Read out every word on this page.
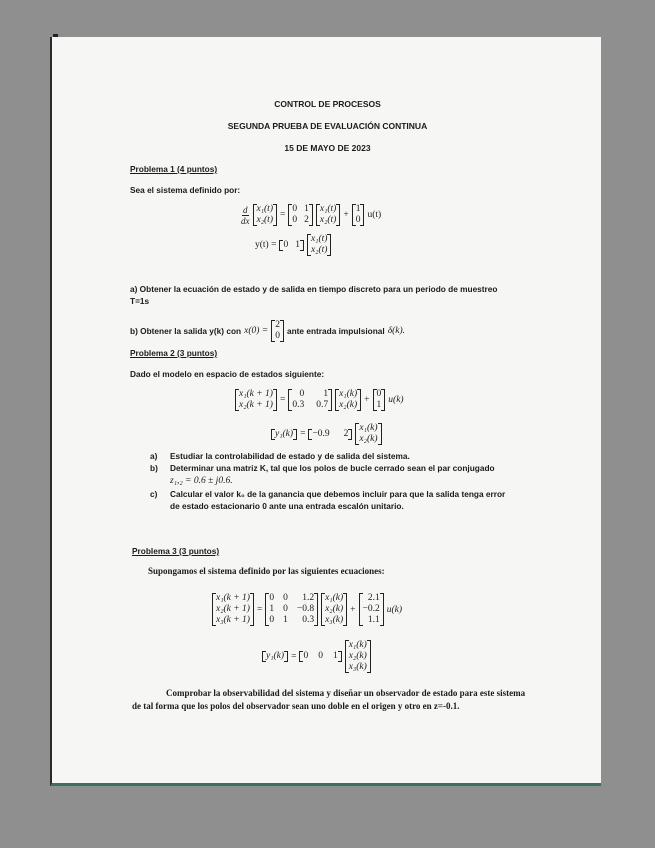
CONTROL DE PROCESOS
SEGUNDA PRUEBA DE EVALUACIÓN CONTINUA
15 DE MAYO DE 2023
Problema 1 (4 puntos)
Sea el sistema definido por:
$\frac{d}{dx} x_1(t)$
x₂(t) =
0 1
0 2
x₁(t)
x₂(t) +
1
0 u(t)
y(t) = 0 1
x₁(t)
x₂(t)
a) Obtener la ecuación de estado y de salida en tiempo discreto para un periodo de muestreo T=1s
b) Obtener la salida y(k) con x(0) =
2
0 ante entrada impulsional δ(k).
Problema 2 (3 puntos)
Dado el modelo en espacio de estados siguiente:
x₁(k + 1)
x₂(k + 1) =
0	1
0.3 0.7
x₁(k)
x₂(k) +
0
1 u(k)
y₁(k) = −0.9 2
x₁(k)
x₂(k)
a) Estudiar la controlabilidad de estado y de salida del sistema.
b) Determinar una matriz K, tal que los polos de bucle cerrado sean el par conjugado
z₁,₂ = 0.6 ± j0.6.
c) Calcular el valor k₀ de la ganancia que debemos incluir para que la salida tenga error
de estado estacionario 0 ante una entrada escalón unitario.
Problema 3 (3 puntos)
Supongamos el sistema definido por las siguientes ecuaciones:
x₁(k + 1)
x₂(k + 1)
x₃(k + 1)
=
0 0	1.2
1 0 −0.8
0 1	0.3
x₁(k)
x₂(k)
x₃(k)
+
2.1
−0.2
1.1
u(k)
y₁(k) = 0 0 1
x₁(k)
x₂(k)
x₃(k)
Comprobar la observabilidad del sistema y diseñar un observador de estado para este sistema de tal forma que los polos del observador sean uno doble en el origen y otro en z=-0.1.
